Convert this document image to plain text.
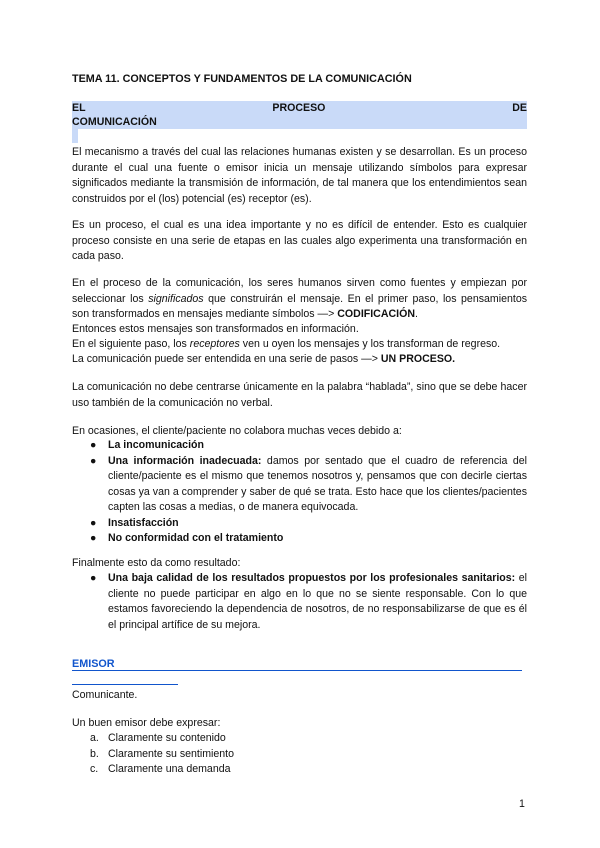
TEMA 11. CONCEPTOS Y FUNDAMENTOS DE LA COMUNICACIÓN

EL	PROCESO	DE
COMUNICACIÓN

El mecanismo a través del cual las relaciones humanas existen y se desarrollan. Es un proceso durante el cual una fuente o emisor inicia un mensaje utilizando símbolos para expresar significados mediante la transmisión de información, de tal manera que los entendimientos sean construidos por el (los) potencial (es) receptor (es).

Es un proceso, el cual es una idea importante y no es difícil de entender. Esto es cualquier proceso consiste en una serie de etapas en las cuales algo experimenta una transformación en cada paso.

En el proceso de la comunicación, los seres humanos sirven como fuentes y empiezan por seleccionar los significados que construirán el mensaje. En el primer paso, los pensamientos son transformados en mensajes mediante símbolos —> CODIFICACIÓN.

Entonces estos mensajes son transformados en información.

En el siguiente paso, los receptores ven u oyen los mensajes y los transforman de regreso.

La comunicación puede ser entendida en una serie de pasos —> UN PROCESO.

La comunicación no debe centrarse únicamente en la palabra “hablada”, sino que se debe hacer uso también de la comunicación no verbal.

En ocasiones, el cliente/paciente no colabora muchas veces debido a:

● La incomunicación
● Una información inadecuada: damos por sentado que el cuadro de referencia del cliente/paciente es el mismo que tenemos nosotros y, pensamos que con decirle ciertas cosas ya van a comprender y saber de qué se trata. Esto hace que los clientes/pacientes capten las cosas a medias, o de manera equivocada.
● Insatisfacción
● No conformidad con el tratamiento

Finalmente esto da como resultado:

● Una baja calidad de los resultados propuestos por los profesionales sanitarios: el cliente no puede participar en algo en lo que no se siente responsable. Con lo que estamos favoreciendo la dependencia de nosotros, de no responsabilizarse de que es él el principal artífice de su mejora.
EMISOR

Comunicante.

Un buen emisor debe expresar:

a. Claramente su contenido
b. Claramente su sentimiento
c. Claramente una demanda
1
